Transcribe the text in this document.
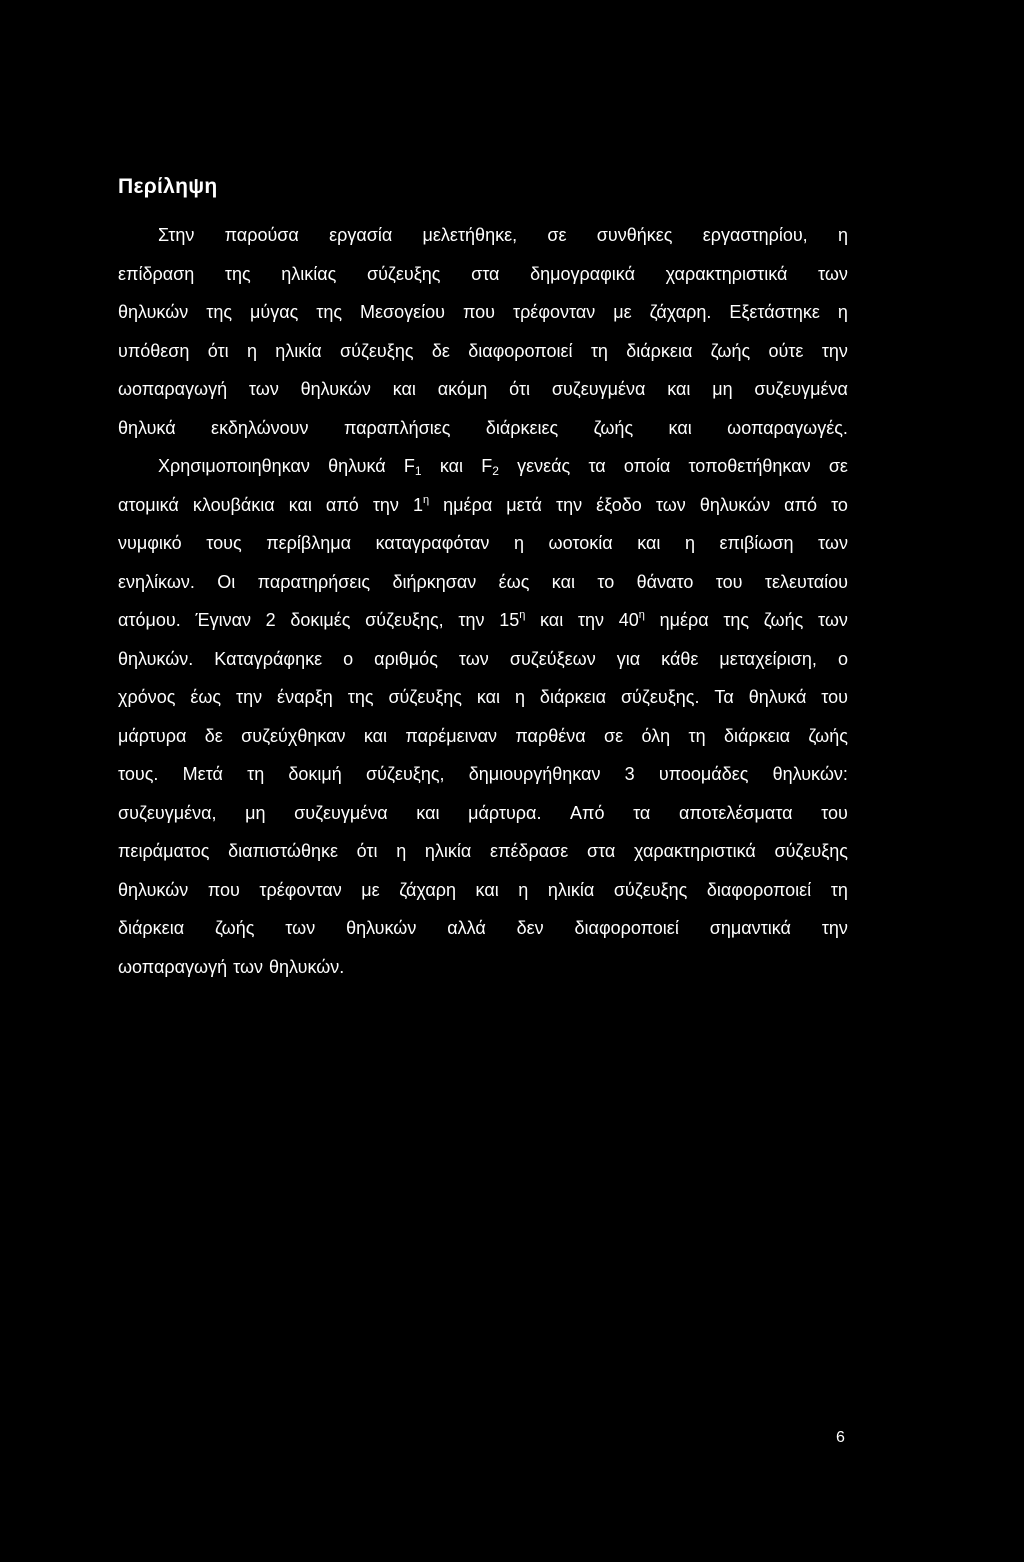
Περίληψη
Στην παρούσα εργασία μελετήθηκε, σε συνθήκες εργαστηρίου, η
επίδραση της ηλικίας σύζευξης στα δημογραφικά χαρακτηριστικά των
θηλυκών της μύγας της Μεσογείου που τρέφονταν με ζάχαρη. Εξετάστηκε η
υπόθεση ότι η ηλικία σύζευξης δε διαφοροποιεί τη διάρκεια ζωής ούτε την
ωοπαραγωγή των θηλυκών και ακόμη ότι συζευγμένα και μη συζευγμένα
θηλυκά εκδηλώνουν παραπλήσιες διάρκειες ζωής και ωοπαραγωγές.
Χρησιμοποιηθηκαν θηλυκά $F_1$ και $F_2$ γενεάς τα οποία τοποθετήθηκαν σε
ατομικά κλουβάκια και από την $1^\eta$ ημέρα μετά την έξοδο των θηλυκών από το
νυμφικό τους περίβλημα καταγραφόταν η ωοτοκία και η επιβίωση των
ενηλίκων. Οι παρατηρήσεις διήρκησαν έως και το θάνατο του τελευταίου
ατόμου. Έγιναν 2 δοκιμές σύζευξης, την $15^\eta$ και την $40^\eta$ ημέρα της ζωής των
θηλυκών. Καταγράφηκε ο αριθμός των συζεύξεων για κάθε μεταχείριση, ο
χρόνος έως την έναρξη της σύζευξης και η διάρκεια σύζευξης. Τα θηλυκά του
μάρτυρα δε συζεύχθηκαν και παρέμειναν παρθένα σε όλη τη διάρκεια ζωής
τους. Μετά τη δοκιμή σύζευξης, δημιουργήθηκαν 3 υποομάδες θηλυκών:
συζευγμένα, μη συζευγμένα και μάρτυρα. Από τα αποτελέσματα του
πειράματος διαπιστώθηκε ότι η ηλικία επέδρασε στα χαρακτηριστικά σύζευξης
θηλυκών που τρέφονταν με ζάχαρη και η ηλικία σύζευξης διαφοροποιεί τη
διάρκεια ζωής των θηλυκών αλλά δεν διαφοροποιεί σημαντικά την
ωοπαραγωγή των θηλυκών.
6
